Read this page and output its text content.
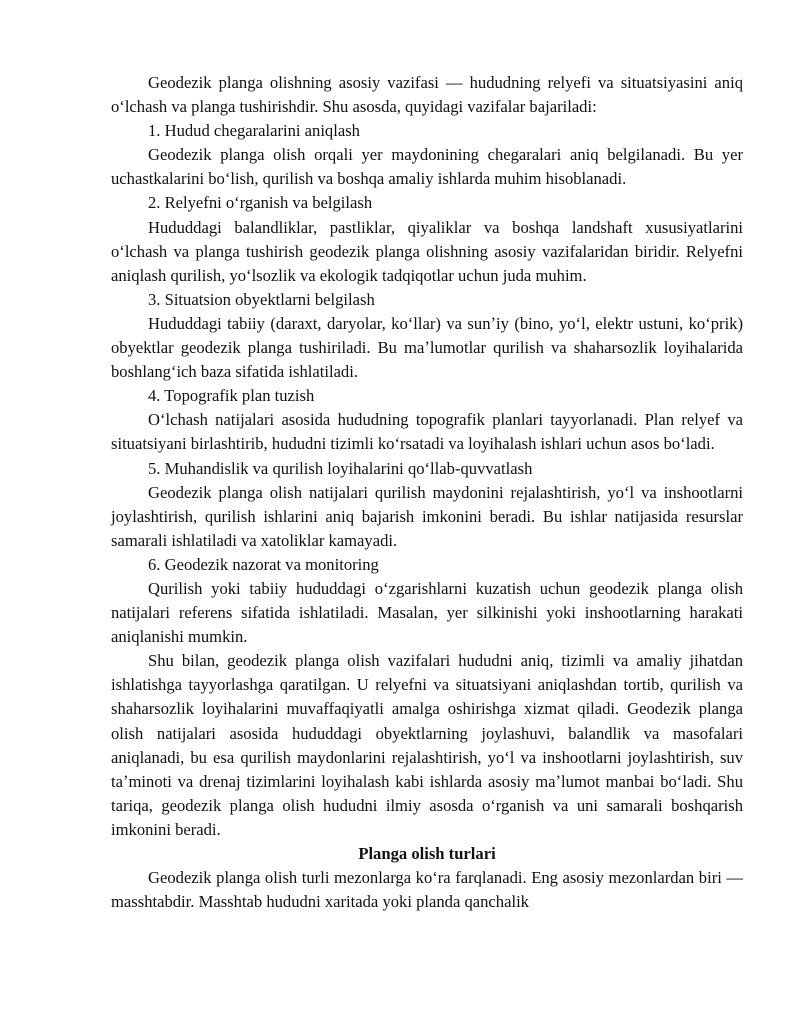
Geodezik planga olishning asosiy vazifasi — hududning relyefi va situatsiyasini aniq oʻlchash va planga tushirishdir. Shu asosda, quyidagi vazifalar bajariladi:

1. Hudud chegaralarini aniqlash

Geodezik planga olish orqali yer maydonining chegaralari aniq belgilanadi. Bu yer uchastkalarini boʻlish, qurilish va boshqa amaliy ishlarda muhim hisoblanadi.

2. Relyefni oʻrganish va belgilash

Hududdagi balandliklar, pastliklar, qiyaliklar va boshqa landshaft xususiyatlarini oʻlchash va planga tushirish geodezik planga olishning asosiy vazifalaridan biridir. Relyefni aniqlash qurilish, yoʻlsozlik va ekologik tadqiqotlar uchun juda muhim.

3. Situatsion obyektlarni belgilash

Hududdagi tabiiy (daraxt, daryolar, koʻllar) va sunʼiy (bino, yoʻl, elektr ustuni, koʻprik) obyektlar geodezik planga tushiriladi. Bu maʼlumotlar qurilish va shaharsozlik loyihalarida boshlangʻich baza sifatida ishlatiladi.

4. Topografik plan tuzish

Oʻlchash natijalari asosida hududning topografik planlari tayyorlanadi. Plan relyef va situatsiyani birlashtirib, hududni tizimli koʻrsatadi va loyihalash ishlari uchun asos boʻladi.

5. Muhandislik va qurilish loyihalarini qoʻllab-quvvatlash

Geodezik planga olish natijalari qurilish maydonini rejalashtirish, yoʻl va inshootlarni joylashtirish, qurilish ishlarini aniq bajarish imkonini beradi. Bu ishlar natijasida resurslar samarali ishlatiladi va xatoliklar kamayadi.

6. Geodezik nazorat va monitoring

Qurilish yoki tabiiy hududdagi oʻzgarishlarni kuzatish uchun geodezik planga olish natijalari referens sifatida ishlatiladi. Masalan, yer silkinishi yoki inshootlarning harakati aniqlanishi mumkin.

Shu bilan, geodezik planga olish vazifalari hududni aniq, tizimli va amaliy jihatdan ishlatishga tayyorlashga qaratilgan. U relyefni va situatsiyani aniqlashdan tortib, qurilish va shaharsozlik loyihalarini muvaffaqiyatli amalga oshirishga xizmat qiladi. Geodezik planga olish natijalari asosida hududdagi obyektlarning joylashuvi, balandlik va masofalari aniqlanadi, bu esa qurilish maydonlarini rejalashtirish, yoʻl va inshootlarni joylashtirish, suv taʼminoti va drenaj tizimlarini loyihalash kabi ishlarda asosiy maʼlumot manbai boʻladi. Shu tariqa, geodezik planga olish hududni ilmiy asosda oʻrganish va uni samarali boshqarish imkonini beradi.

Planga olish turlari

Geodezik planga olish turli mezonlarga koʻra farqlanadi. Eng asosiy mezonlardan biri — masshtabdir. Masshtab hududni xaritada yoki planda qanchalik
